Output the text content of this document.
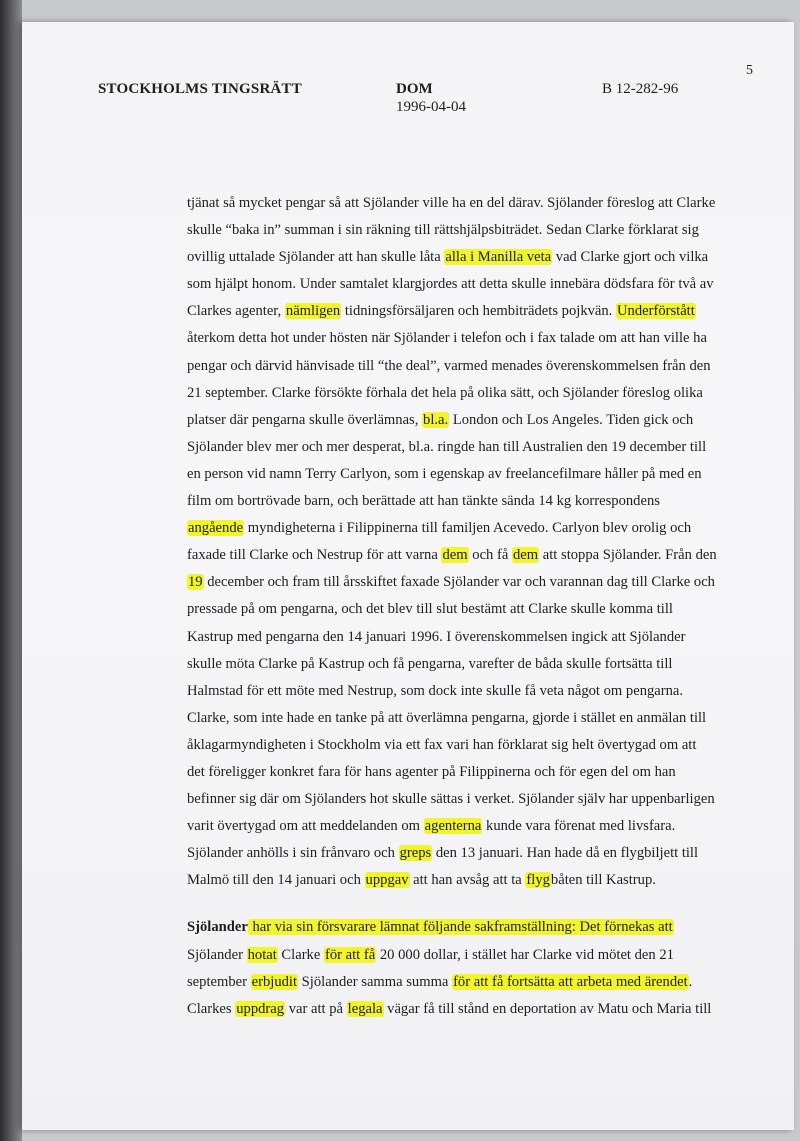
STOCKHOLMS TINGSRÄTT	DOM
1996-04-04
B 12-282-96
5
tjänat så mycket pengar så att Sjölander ville ha en del därav. Sjölander föreslog att Clarke
skulle “baka in” summan i sin räkning till rättshjälpsbiträdet. Sedan Clarke förklarat sig
ovillig uttalade Sjölander att han skulle låta alla i Manilla veta vad Clarke gjort och vilka
som hjälpt honom. Under samtalet klargjordes att detta skulle innebära dödsfara för två av
Clarkes agenter, nämligen tidningsförsäljaren och hembiträdets pojkvän. Underförstått
återkom detta hot under hösten när Sjölander i telefon och i fax talade om att han ville ha
pengar och därvid hänvisade till “the deal”, varmed menades överenskommelsen från den
21 september. Clarke försökte förhala det hela på olika sätt, och Sjölander föreslog olika
platser där pengarna skulle överlämnas, bl.a. London och Los Angeles. Tiden gick och
Sjölander blev mer och mer desperat, bl.a. ringde han till Australien den 19 december till
en person vid namn Terry Carlyon, som i egenskap av freelancefilmare håller på med en
film om bortrövade barn, och berättade att han tänkte sända 14 kg korrespondens
angående myndigheterna i Filippinerna till familjen Acevedo. Carlyon blev orolig och
faxade till Clarke och Nestrup för att varna dem och få dem att stoppa Sjölander. Från den
19 december och fram till årsskiftet faxade Sjölander var och varannan dag till Clarke och
pressade på om pengarna, och det blev till slut bestämt att Clarke skulle komma till
Kastrup med pengarna den 14 januari 1996. I överenskommelsen ingick att Sjölander
skulle möta Clarke på Kastrup och få pengarna, varefter de båda skulle fortsätta till
Halmstad för ett möte med Nestrup, som dock inte skulle få veta något om pengarna.
Clarke, som inte hade en tanke på att överlämna pengarna, gjorde i stället en anmälan till
åklagarmyndigheten i Stockholm via ett fax vari han förklarat sig helt övertygad om att
det föreligger konkret fara för hans agenter på Filippinerna och för egen del om han
befinner sig där om Sjölanders hot skulle sättas i verket. Sjölander själv har uppenbarligen
varit övertygad om att meddelanden om agenterna kunde vara förenat med livsfara.
Sjölander anhölls i sin frånvaro och greps den 13 januari. Han hade då en flygbiljett till
Malmö till den 14 januari och uppgav att han avsåg att ta flygbåten till Kastrup.
Sjölander har via sin försvarare lämnat följande sakframställning: Det förnekas att
Sjölander hotat Clarke för att få 20 000 dollar, i stället har Clarke vid mötet den 21
september erbjudit Sjölander samma summa för att få fortsätta att arbeta med ärendet.
Clarkes uppdrag var att på legala vägar få till stånd en deportation av Matu och Maria till
